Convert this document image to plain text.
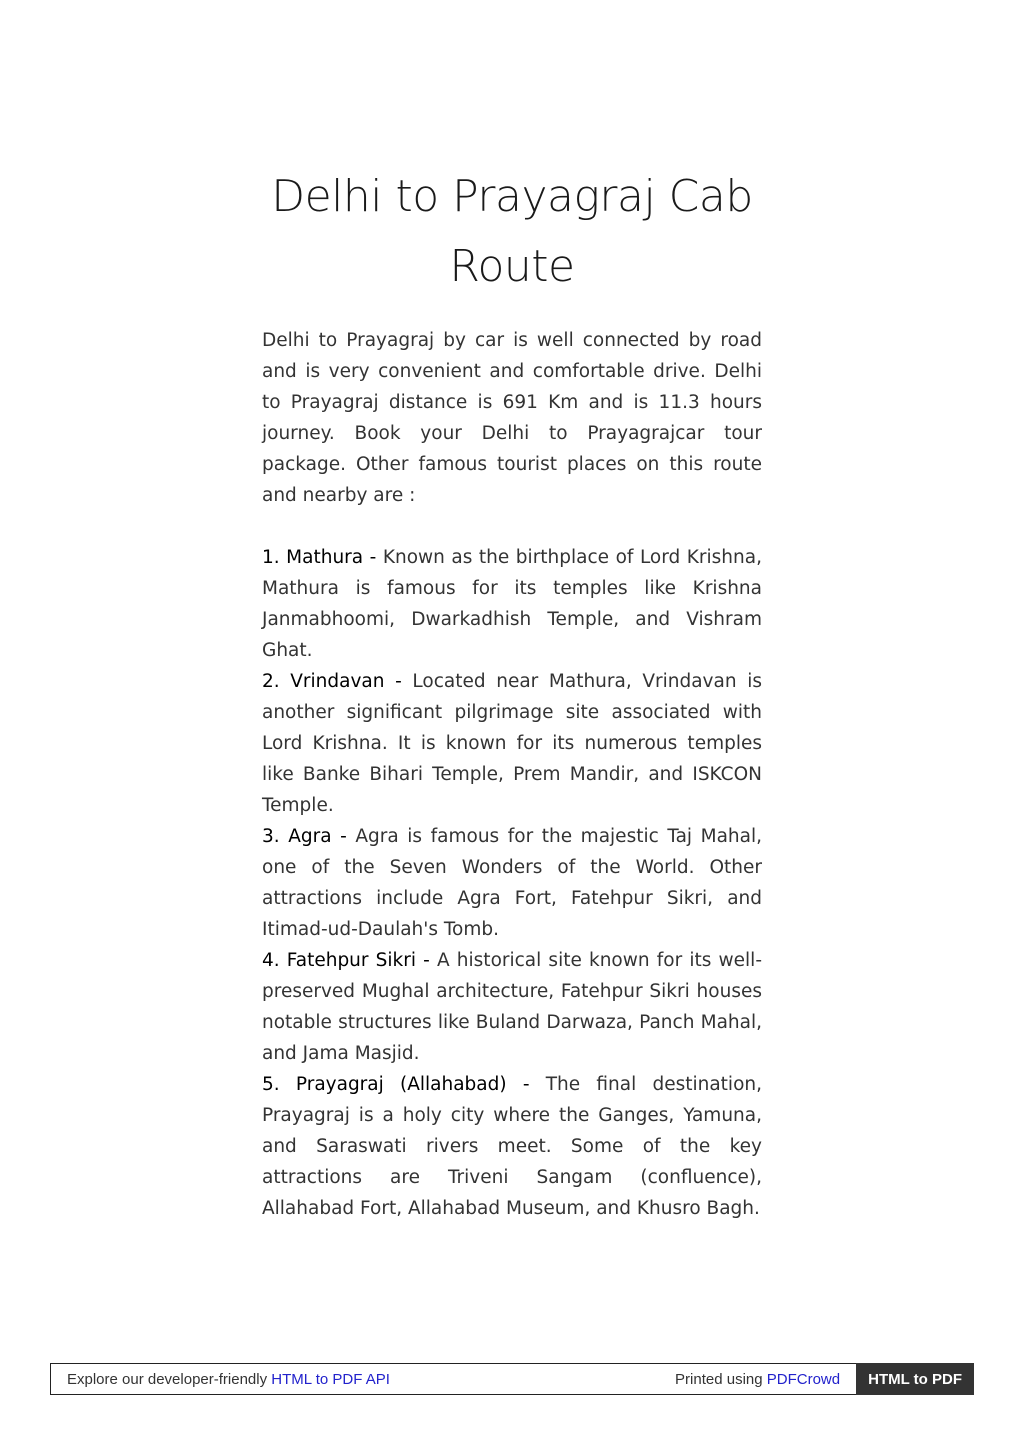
Delhi to Prayagraj Cab
Route

Delhi to Prayagraj by car is well connected by road and is very convenient and comfortable drive. Delhi to Prayagraj distance is 691 Km and is 11.3 hours journey. Book your Delhi to Prayagrajcar tour package. Other famous tourist places on this route and nearby are :

1. Mathura - Known as the birthplace of Lord Krishna, Mathura is famous for its temples like Krishna Janmabhoomi, Dwarkadhish Temple, and Vishram Ghat.

2. Vrindavan - Located near Mathura, Vrindavan is another significant pilgrimage site associated with Lord Krishna. It is known for its numerous temples like Banke Bihari Temple, Prem Mandir, and ISKCON Temple.

3. Agra - Agra is famous for the majestic Taj Mahal, one of the Seven Wonders of the World. Other attractions include Agra Fort, Fatehpur Sikri, and Itimad-ud-Daulah's Tomb.

4. Fatehpur Sikri - A historical site known for its well-preserved Mughal architecture, Fatehpur Sikri houses notable structures like Buland Darwaza, Panch Mahal, and Jama Masjid.

5. Prayagraj (Allahabad) - The final destination, Prayagraj is a holy city where the Ganges, Yamuna, and Saraswati rivers meet. Some of the key attractions are Triveni Sangam (confluence), Allahabad Fort, Allahabad Museum, and Khusro Bagh.

Explore our developer-friendly HTML to PDF API	Printed using PDFCrowd	HTML to PDF
